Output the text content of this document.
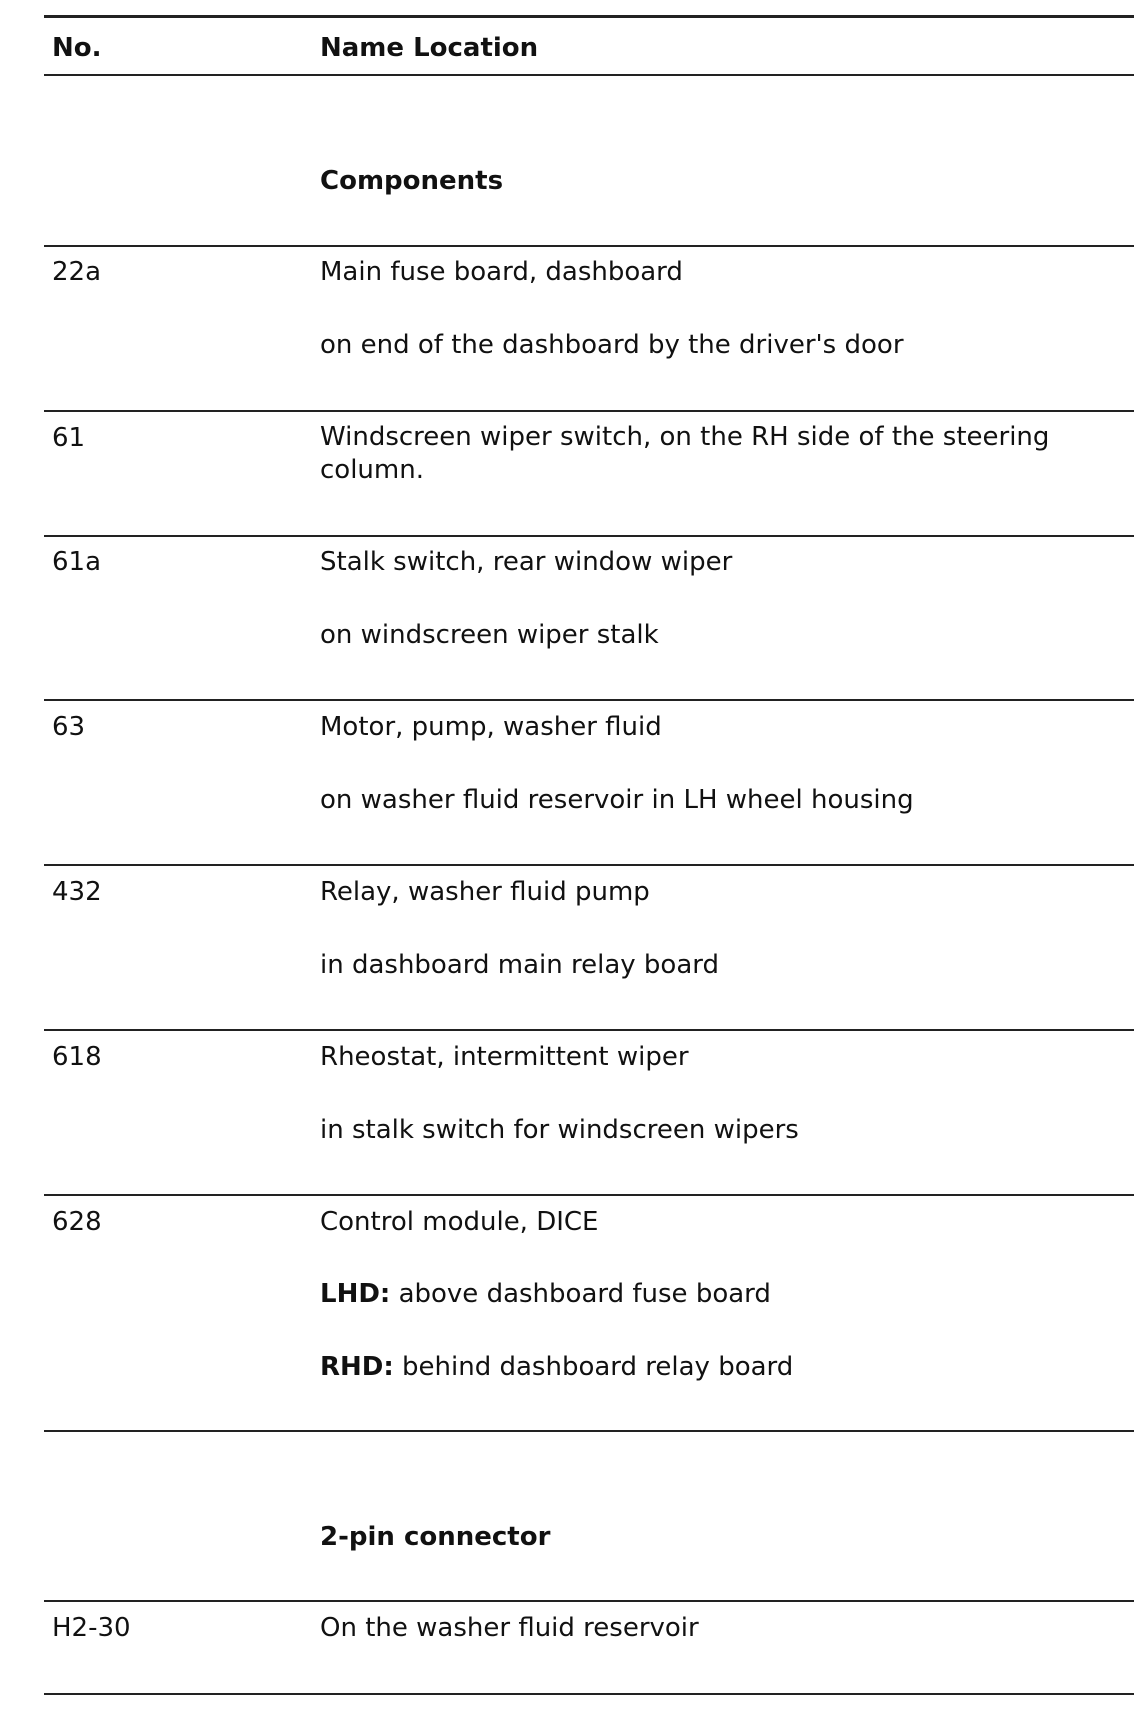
No.	Name Location
Components
22a	Main fuse board, dashboard
on end of the dashboard by the driver's door
61	Windscreen wiper switch, on the RH side of the steering column.
61a	Stalk switch, rear window wiper
on windscreen wiper stalk
63	Motor, pump, washer fluid
on washer fluid reservoir in LH wheel housing
432	Relay, washer fluid pump
in dashboard main relay board
618	Rheostat, intermittent wiper
in stalk switch for windscreen wipers
628	Control module, DICE
LHD: above dashboard fuse board
RHD: behind dashboard relay board
2-pin connector
H2-30	On the washer fluid reservoir
